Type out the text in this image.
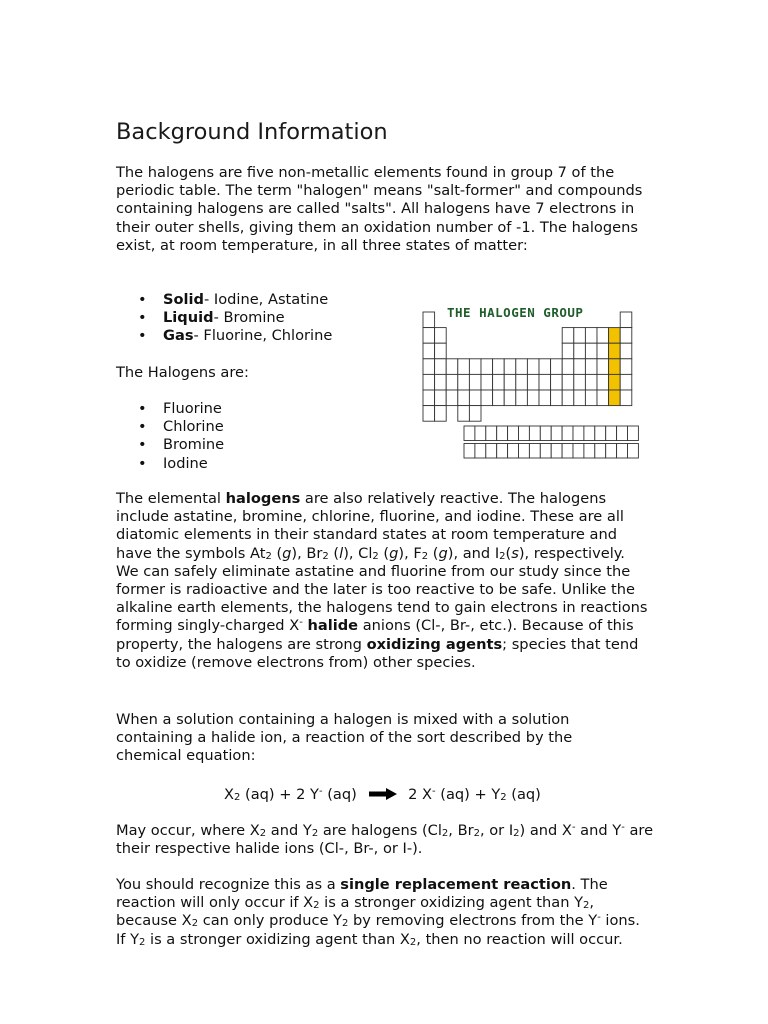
Background Information

The halogens are five non-metallic elements found in group 7 of the periodic table. The term "halogen" means "salt-former" and compounds containing halogens are called "salts". All halogens have 7 electrons in their outer shells, giving them an oxidation number of -1. The halogens exist, at room temperature, in all three states of matter:

• Solid- Iodine, Astatine
• Liquid- Bromine
• Gas- Fluorine, Chlorine

The Halogens are:

• Fluorine
• Chlorine
• Bromine
• Iodine

The elemental halogens are also relatively reactive. The halogens include astatine, bromine, chlorine, fluorine, and iodine. These are all diatomic elements in their standard states at room temperature and have the symbols $At_2$ (g), $Br_2$ (l), $Cl_2$ (g), $F_2$ (g), and $I_2(s)$, respectively. We can safely eliminate astatine and fluorine from our study since the former is radioactive and the later is too reactive to be safe. Unlike the alkaline earth elements, the halogens tend to gain electrons in reactions forming singly-charged X- halide anions (Cl-, Br-, etc.). Because of this property, the halogens are strong oxidizing agents; species that tend to oxidize (remove electrons from) other species.

When a solution containing a halogen is mixed with a solution containing a halide ion, a reaction of the sort described by the chemical equation:

$X_2$ (aq) + 2 Y- (aq)	2 X- $(aq) + Y_2$ (aq)

May occur, where $X_2$ and $Y_2$ are halogens ($Cl_2$, $Br_2$, or $I_2$) and X- and Y- are their respective halide ions (Cl-, Br-, or I-).

You should recognize this as a single replacement reaction. The reaction will only occur if $X_2$ is a stronger oxidizing agent than $Y_2$, because $X_2$ can only produce $Y_2$ by removing electrons from the Y- ions. If $Y_2$ is a stronger oxidizing agent than $X_2$, then no reaction will occur.

THE HALOGEN GROUP
